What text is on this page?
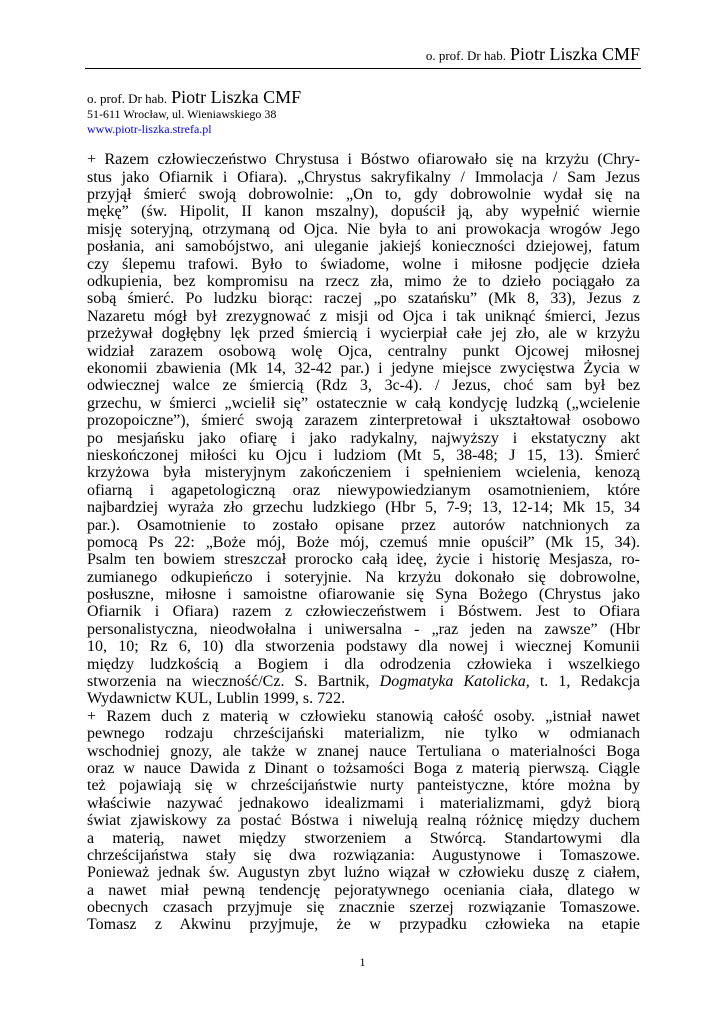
o. prof. Dr hab. Piotr Liszka CMF
o. prof. Dr hab. Piotr Liszka CMF
51-611 Wrocław, ul. Wieniawskiego 38
www.piotr-liszka.strefa.pl
+ Razem człowieczeństwo Chrystusa i Bóstwo ofiarowało się na krzyżu (Chry-
stus jako Ofiarnik i Ofiara). „Chrystus sakryfikalny / Immolacja / Sam Jezus
przyjął śmierć swoją dobrowolnie: „On to, gdy dobrowolnie wydał się na
mękę” (św. Hipolit, II kanon mszalny), dopuścił ją, aby wypełnić wiernie
misję soteryjną, otrzymaną od Ojca. Nie była to ani prowokacja wrogów Jego
posłania, ani samobójstwo, ani uleganie jakiejś konieczności dziejowej, fatum
czy ślepemu trafowi. Było to świadome, wolne i miłosne podjęcie dzieła
odkupienia, bez kompromisu na rzecz zła, mimo że to dzieło pociągało za
sobą śmierć. Po ludzku biorąc: raczej „po szatańsku” (Mk 8, 33), Jezus z
Nazaretu mógł był zrezygnować z misji od Ojca i tak uniknąć śmierci, Jezus
przeżywał dogłębny lęk przed śmiercią i wycierpiał całe jej zło, ale w krzyżu
widział zarazem osobową wolę Ojca, centralny punkt Ojcowej miłosnej
ekonomii zbawienia (Mk 14, 32-42 par.) i jedyne miejsce zwycięstwa Życia w
odwiecznej walce ze śmiercią (Rdz 3, 3c-4). / Jezus, choć sam był bez
grzechu, w śmierci „wcielił się” ostatecznie w całą kondycję ludzką („wcielenie
prozopoiczne”), śmierć swoją zarazem zinterpretował i ukształtował osobowo
po mesjańsku jako ofiarę i jako radykalny, najwyższy i ekstatyczny akt
nieskończonej miłości ku Ojcu i ludziom (Mt 5, 38-48; J 15, 13). Śmierć
krzyżowa była misteryjnym zakończeniem i spełnieniem wcielenia, kenozą
ofiarną i agapetologiczną oraz niewypowiedzianym osamotnieniem, które
najbardziej wyraża zło grzechu ludzkiego (Hbr 5, 7-9; 13, 12-14; Mk 15, 34
par.). Osamotnienie to zostało opisane przez autorów natchnionych za
pomocą Ps 22: „Boże mój, Boże mój, czemuś mnie opuścił” (Mk 15, 34).
Psalm ten bowiem streszczał prorocko całą ideę, życie i historię Mesjasza, ro-
zumianego odkupieńczo i soteryjnie. Na krzyżu dokonało się dobrowolne,
posłuszne, miłosne i samoistne ofiarowanie się Syna Bożego (Chrystus jako
Ofiarnik i Ofiara) razem z człowieczeństwem i Bóstwem. Jest to Ofiara
personalistyczna, nieodwołalna i uniwersalna - „raz jeden na zawsze” (Hbr
10, 10; Rz 6, 10) dla stworzenia podstawy dla nowej i wiecznej Komunii
między ludzkością a Bogiem i dla odrodzenia człowieka i wszelkiego
stworzenia na wieczność/Cz. S. Bartnik, Dogmatyka Katolicka, t. 1, Redakcja
Wydawnictw KUL, Lublin 1999, s. 722.
+ Razem duch z materią w człowieku stanowią całość osoby. „istniał nawet
pewnego rodzaju chrześcijański materializm, nie tylko w odmianach
wschodniej gnozy, ale także w znanej nauce Tertuliana o materialności Boga
oraz w nauce Dawida z Dinant o tożsamości Boga z materią pierwszą. Ciągle
też pojawiają się w chrześcijaństwie nurty panteistyczne, które można by
właściwie nazywać jednakowo idealizmami i materializmami, gdyż biorą
świat zjawiskowy za postać Bóstwa i niwelują realną różnicę między duchem
a materią, nawet między stworzeniem a Stwórcą. Standartowymi dla
chrześcijaństwa stały się dwa rozwiązania: Augustynowe i Tomaszowe.
Ponieważ jednak św. Augustyn zbyt luźno wiązał w człowieku duszę z ciałem,
a nawet miał pewną tendencję pejoratywnego oceniania ciała, dlatego w
obecnych czasach przyjmuje się znacznie szerzej rozwiązanie Tomaszowe.
Tomasz z Akwinu przyjmuje, że w przypadku człowieka na etapie
1
